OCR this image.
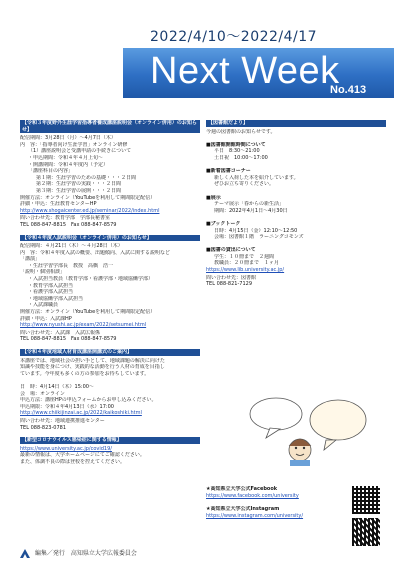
2022/4/10～2022/4/17
Next Week
No.413
【令和３年度野外生涯学習指導者養成講座説明会（オンライン併用）のお知らせ】
配信期間：3月28日（月）～4月7日（木）
内　容：「指導者向け生涯学習」オンライン研修
（1）講座説明会と受講申請の手続きについて
・申込期間：令和４年４月上旬～
・開講期間：令和４年度内（予定）
「講座科目の内容」
第１期：生涯学習のための基礎・・・２日間
第２期：生涯学習の実践・・・２日間
第３期：生涯学習の展開・・・２日間
開催方法：オンライン（YouTubeを利用して期間限定配信）
詳細・申込：生涯教育センターHP
http://www.shogaicenter.ed.jp/seminar/2022/index.html
問い合わせ先：教育学部　学部長秘書室
TEL 088-847-8815　Fax 088-847-8579
【令和４年度入試説明会（オンライン併用）のお知らせ】
配信期間：４月21日（木）～４月28日（木）
内　容：令和４年度入試の概要、出題傾向、入試に関する説明など
「講演」
・生涯学習学部長　教授　高橋　浩一
「説明・個別相談」
・入試担当教員（教育学部・看護学部・地域協働学部）
・教育学部入試担当
・看護学部入試担当
・地域協働学部入試担当
・入試課職員
開催方法：オンライン（YouTubeを利用して期間限定配信）
詳細・申込：入試課HP
http://www.nyushi.ac.jp/exam/2022/setsumei.html
問い合わせ先：入試課　入試広報係
TEL 088-847-8815　Fax 088-847-8579
【令和４年度地域人材育成講座開講式のご案内】
本講座では、地域社会の担い手として、地域課題の解決に向けた
知識や技能を身につけ、実践的な活動を行う人材の育成を目指し
ています。今年度も多くの方の参加をお待ちしています。

日　時：4月14日（木）15:00～
会　場：オンライン
申込方法：講座HPの申込フォームからお申し込みください。
申込期限：令和４年4月13日（水）17:00
http://www.chiikijinzai.ac.jp/2022/kaikoshiki.html
問い合わせ先：地域連携推進センター
TEL 088-823-0781
【新型コロナウイルス感染症に関する情報】
https://www.university.ac.jp/covid19/
最新の情報は、大学ホームページにてご確認ください。
また、体調不良の際は登校を控えてください。
【図書館だより】
今週の図書館のお知らせです。

■図書館開館時間について
平日　8:30～21:00
土日祝　10:00～17:00

■新着図書コーナー
新しく入荷した本を紹介しています。
ぜひお立ち寄りください。

■展示
テーマ展示「春からの新生活」
期間：2022年4月1日～4月30日

■ブックトーク
日時：4月15日（金）12:10～12:50
会場：図書館１階　ラーニングコモンズ

■図書の貸出について
学生：１０冊まで　２週間
教職員：２０冊まで　１ヶ月
https://www.lib.university.ac.jp/
問い合わせ先：図書館
TEL 088-821-7129
★高知県立大学公式Facebook
https://www.facebook.com/university
★高知県立大学公式Instagram
https://www.instagram.com/university/
編集／発行　高知県立大学広報委員会
